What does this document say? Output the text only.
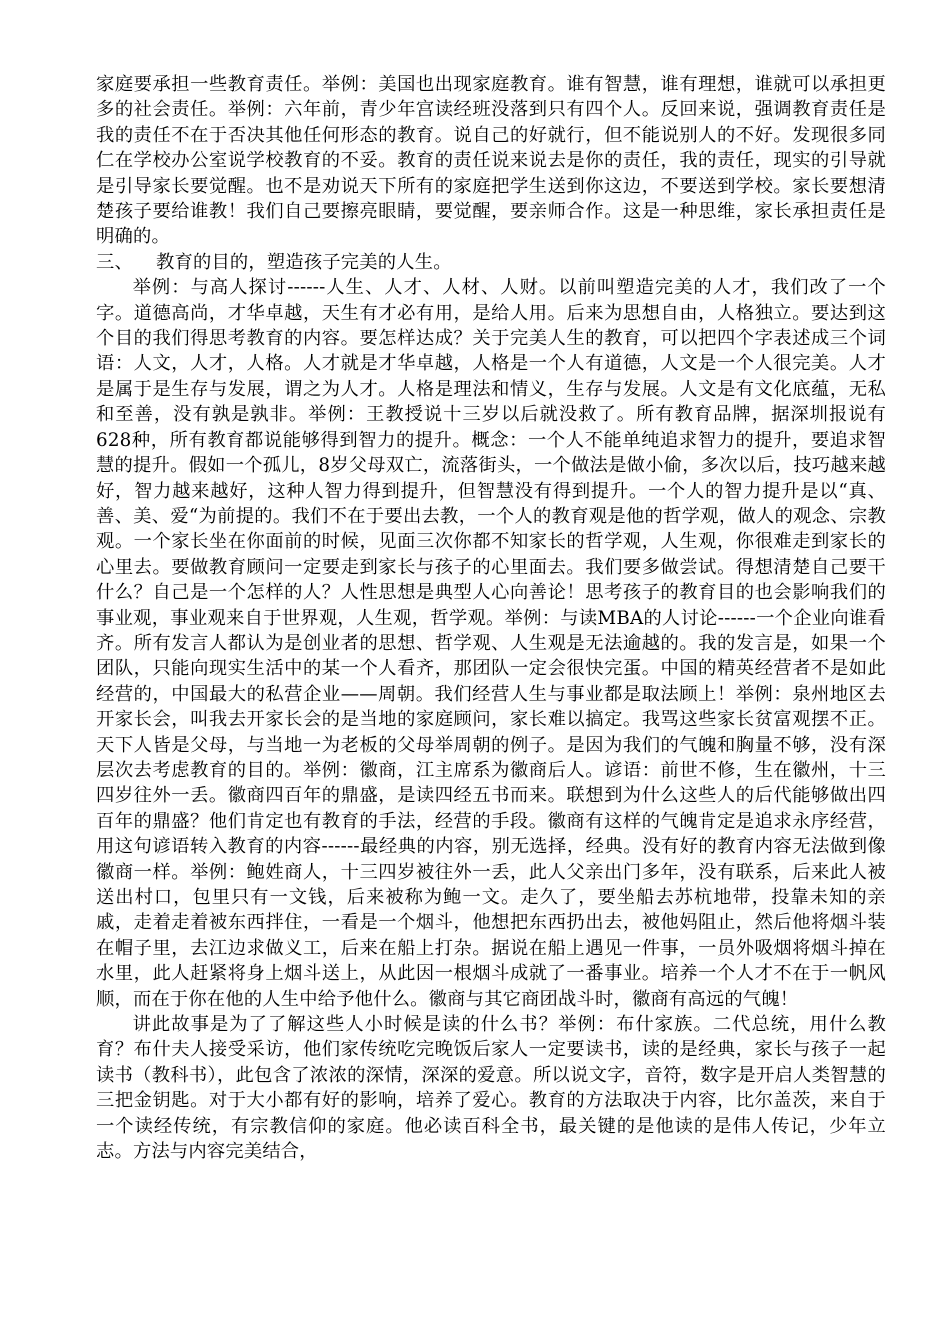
家庭要承担一些教育责任。举例：美国也出现家庭教育。谁有智慧，谁有理想，谁就可以承担更多的社会责任。举例：六年前，青少年宫读经班没落到只有四个人。反回来说，强调教育责任是我的责任不在于否决其他任何形态的教育。说自己的好就行，但不能说别人的不好。发现很多同仁在学校办公室说学校教育的不妥。教育的责任说来说去是你的责任，我的责任，现实的引导就是引导家长要觉醒。也不是劝说天下所有的家庭把学生送到你这边，不要送到学校。家长要想清楚孩子要给谁教！我们自己要擦亮眼睛，要觉醒，要亲师合作。这是一种思维，家长承担责任是明确的。

三、 教育的目的，塑造孩子完美的人生。

举例：与高人探讨------人生、人才、人材、人财。以前叫塑造完美的人才，我们改了一个字。道德高尚，才华卓越，天生有才必有用，是给人用。后来为思想自由，人格独立。要达到这个目的我们得思考教育的内容。要怎样达成？关于完美人生的教育，可以把四个字表述成三个词语：人文，人才，人格。人才就是才华卓越，人格是一个人有道德，人文是一个人很完美。人才是属于是生存与发展，谓之为人才。人格是理法和情义，生存与发展。人文是有文化底蕴，无私和至善，没有孰是孰非。举例：王教授说十三岁以后就没救了。所有教育品牌，据深圳报说有628种，所有教育都说能够得到智力的提升。概念：一个人不能单纯追求智力的提升，要追求智慧的提升。假如一个孤儿，8岁父母双亡，流落街头，一个做法是做小偷，多次以后，技巧越来越好，智力越来越好，这种人智力得到提升，但智慧没有得到提升。一个人的智力提升是以“真、善、美、爱“为前提的。我们不在于要出去教，一个人的教育观是他的哲学观，做人的观念、宗教观。一个家长坐在你面前的时候，见面三次你都不知家长的哲学观，人生观，你很难走到家长的心里去。要做教育顾问一定要走到家长与孩子的心里面去。我们要多做尝试。得想清楚自己要干什么？自己是一个怎样的人？人性思想是典型人心向善论！思考孩子的教育目的也会影响我们的事业观，事业观来自于世界观，人生观，哲学观。举例：与读MBA的人讨论------一个企业向谁看齐。所有发言人都认为是创业者的思想、哲学观、人生观是无法逾越的。我的发言是，如果一个团队，只能向现实生活中的某一个人看齐，那团队一定会很快完蛋。中国的精英经营者不是如此经营的，中国最大的私营企业——周朝。我们经营人生与事业都是取法顾上！举例：泉州地区去开家长会，叫我去开家长会的是当地的家庭顾问，家长难以搞定。我骂这些家长贫富观摆不正。天下人皆是父母，与当地一为老板的父母举周朝的例子。是因为我们的气魄和胸量不够，没有深层次去考虑教育的目的。举例：徽商，江主席系为徽商后人。谚语：前世不修，生在徽州，十三四岁往外一丢。徽商四百年的鼎盛，是读四经五书而来。联想到为什么这些人的后代能够做出四百年的鼎盛？他们肯定也有教育的手法，经营的手段。徽商有这样的气魄肯定是追求永序经营，用这句谚语转入教育的内容------最经典的内容，别无选择，经典。没有好的教育内容无法做到像徽商一样。举例：鲍姓商人，十三四岁被往外一丢，此人父亲出门多年，没有联系，后来此人被送出村口，包里只有一文钱，后来被称为鲍一文。走久了，要坐船去苏杭地带，投靠未知的亲戚，走着走着被东西拌住，一看是一个烟斗，他想把东西扔出去，被他妈阻止，然后他将烟斗装在帽子里，去江边求做义工，后来在船上打杂。据说在船上遇见一件事，一员外吸烟将烟斗掉在水里，此人赶紧将身上烟斗送上，从此因一根烟斗成就了一番事业。培养一个人才不在于一帆风顺，而在于你在他的人生中给予他什么。徽商与其它商团战斗时，徽商有高远的气魄！

讲此故事是为了了解这些人小时候是读的什么书？举例：布什家族。二代总统，用什么教育？布什夫人接受采访，他们家传统吃完晚饭后家人一定要读书，读的是经典，家长与孩子一起读书（教科书），此包含了浓浓的深情，深深的爱意。所以说文字，音符，数字是开启人类智慧的三把金钥匙。对于大小都有好的影响，培养了爱心。教育的方法取决于内容，比尔盖茨，来自于一个读经传统，有宗教信仰的家庭。他必读百科全书，最关键的是他读的是伟人传记，少年立志。方法与内容完美结合，
